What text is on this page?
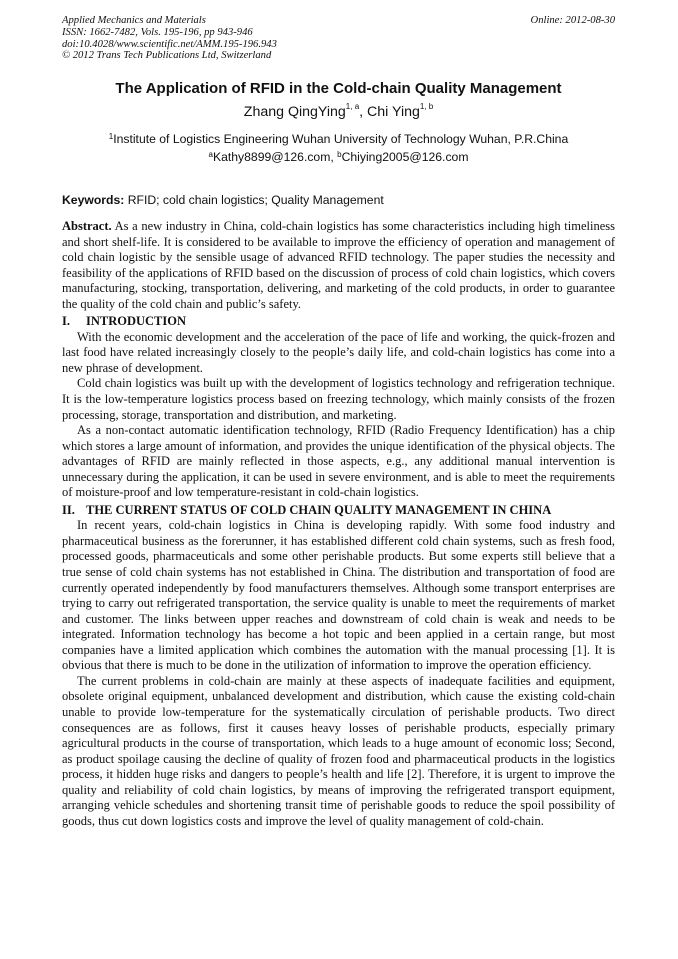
Applied Mechanics and Materials
ISSN: 1662-7482, Vols. 195-196, pp 943-946
doi:10.4028/www.scientific.net/AMM.195-196.943
© 2012 Trans Tech Publications Ltd, Switzerland
Online: 2012-08-30
The Application of RFID in the Cold-chain Quality Management
Zhang QingYing$^{1, a}$, Chi Ying$^{1, b}$
$^1$Institute of Logistics Engineering Wuhan University of Technology Wuhan, P.R.China
$^a$Kathy8899@126.com, $^b$Chiying2005@126.com
Keywords: RFID; cold chain logistics; Quality Management

Abstract. As a new industry in China, cold-chain logistics has some characteristics including high timeliness and short shelf-life. It is considered to be available to improve the efficiency of operation and management of cold chain logistic by the sensible usage of advanced RFID technology. The paper studies the necessity and feasibility of the applications of RFID based on the discussion of process of cold chain logistics, which covers manufacturing, stocking, transportation, delivering, and marketing of the cold products, in order to guarantee the quality of the cold chain and public’s safety.

I. INTRODUCTION

With the economic development and the acceleration of the pace of life and working, the quick-frozen and last food have related increasingly closely to the people’s daily life, and cold-chain logistics has come into a new phrase of development.

Cold chain logistics was built up with the development of logistics technology and refrigeration technique. It is the low-temperature logistics process based on freezing technology, which mainly consists of the frozen processing, storage, transportation and distribution, and marketing.

As a non-contact automatic identification technology, RFID (Radio Frequency Identification) has a chip which stores a large amount of information, and provides the unique identification of the physical objects. The advantages of RFID are mainly reflected in those aspects, e.g., any additional manual intervention is unnecessary during the application, it can be used in severe environment, and is able to meet the requirements of moisture-proof and low temperature-resistant in cold-chain logistics.

II. THE CURRENT STATUS OF COLD CHAIN QUALITY MANAGEMENT IN CHINA

In recent years, cold-chain logistics in China is developing rapidly. With some food industry and pharmaceutical business as the forerunner, it has established different cold chain systems, such as fresh food, processed goods, pharmaceuticals and some other perishable products. But some experts still believe that a true sense of cold chain systems has not established in China. The distribution and transportation of food are currently operated independently by food manufacturers themselves. Although some transport enterprises are trying to carry out refrigerated transportation, the service quality is unable to meet the requirements of market and customer. The links between upper reaches and downstream of cold chain is weak and needs to be integrated. Information technology has become a hot topic and been applied in a certain range, but most companies have a limited application which combines the automation with the manual processing [1]. It is obvious that there is much to be done in the utilization of information to improve the operation efficiency.

The current problems in cold-chain are mainly at these aspects of inadequate facilities and equipment, obsolete original equipment, unbalanced development and distribution, which cause the existing cold-chain unable to provide low-temperature for the systematically circulation of perishable products. Two direct consequences are as follows, first it causes heavy losses of perishable products, especially primary agricultural products in the course of transportation, which leads to a huge amount of economic loss; Second, as product spoilage causing the decline of quality of frozen food and pharmaceutical products in the logistics process, it hidden huge risks and dangers to people’s health and life [2]. Therefore, it is urgent to improve the quality and reliability of cold chain logistics, by means of improving the refrigerated transport equipment, arranging vehicle schedules and shortening transit time of perishable goods to reduce the spoil possibility of goods, thus cut down logistics costs and improve the level of quality management of cold-chain.
